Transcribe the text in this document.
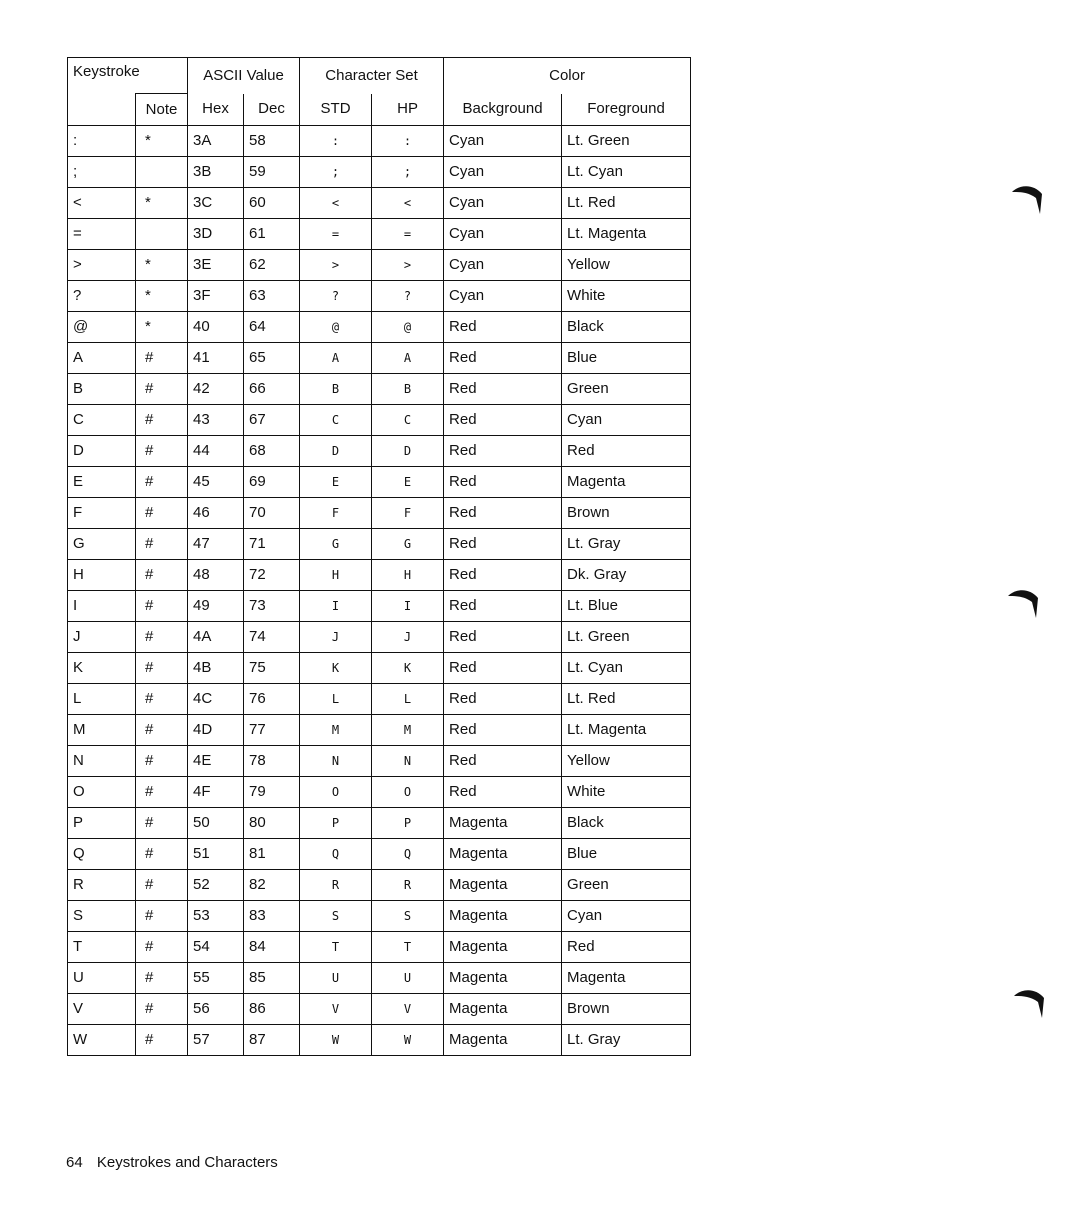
Keystroke		ASCII Value		Character Set		Color	
	Note	Hex	Dec	STD	HP	Background	Foreground
:	*	3A	58	:	:	Cyan	Lt. Green
;		3B	59	;	;	Cyan	Lt. Cyan
<	*	3C	60	<	<	Cyan	Lt. Red
=		3D	61	=	=	Cyan	Lt. Magenta
>	*	3E	62	>	>	Cyan	Yellow
?	*	3F	63	?	?	Cyan	White
@	*	40	64	@	@	Red	Black
A	#	41	65	A	A	Red	Blue
B	#	42	66	B	B	Red	Green
C	#	43	67	C	C	Red	Cyan
D	#	44	68	D	D	Red	Red
E	#	45	69	E	E	Red	Magenta
F	#	46	70	F	F	Red	Brown
G	#	47	71	G	G	Red	Lt. Gray
H	#	48	72	H	H	Red	Dk. Gray
I	#	49	73	I	I	Red	Lt. Blue
J	#	4A	74	J	J	Red	Lt. Green
K	#	4B	75	K	K	Red	Lt. Cyan
L	#	4C	76	L	L	Red	Lt. Red
M	#	4D	77	M	M	Red	Lt. Magenta
N	#	4E	78	N	N	Red	Yellow
O	#	4F	79	O	O	Red	White
P	#	50	80	P	P	Magenta	Black
Q	#	51	81	Q	Q	Magenta	Blue
R	#	52	82	R	R	Magenta	Green
S	#	53	83	S	S	Magenta	Cyan
T	#	54	84	T	T	Magenta	Red
U	#	55	85	U	U	Magenta	Magenta
V	#	56	86	V	V	Magenta	Brown
W	#	57	87	W	W	Magenta	Lt. Gray
64 Keystrokes and Characters
